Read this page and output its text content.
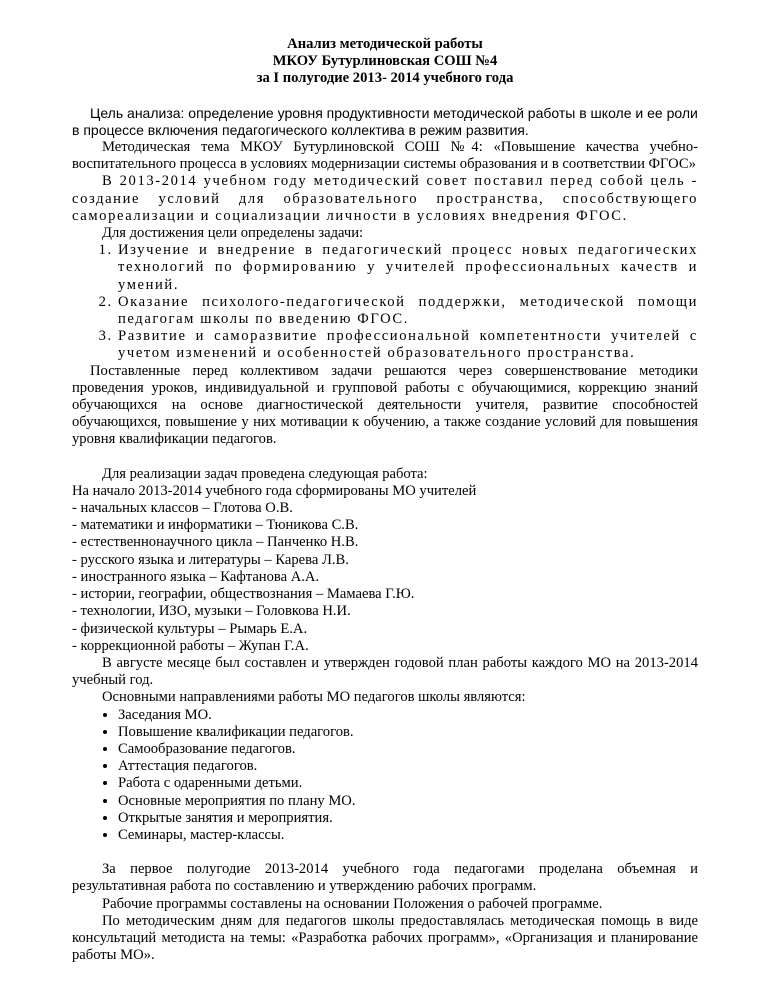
Анализ методической работы
МКОУ Бутурлиновская СОШ №4
за I полугодие 2013- 2014 учебного года

Цель анализа: определение уровня продуктивности методической работы в школе и ее роли в процессе включения педагогического коллектива в режим развития.

Методическая тема МКОУ Бутурлиновской СОШ №4: «Повышение качества учебно-воспитательного процесса в условиях модернизации системы образования и в соответствии ФГОС»

В 2013-2014 учебном году методический совет поставил перед собой цель - создание условий для образовательного пространства, способствующего самореализации и социализации личности в условиях внедрения ФГОС.

Для достижения цели определены задачи:

1. Изучение и внедрение в педагогический процесс новых педагогических технологий по формированию у учителей профессиональных качеств и умений.
2. Оказание психолого-педагогической поддержки, методической помощи педагогам школы по введению ФГОС.
3. Развитие и саморазвитие профессиональной компетентности учителей с учетом изменений и особенностей образовательного пространства.

Поставленные перед коллективом задачи решаются через совершенствование методики проведения уроков, индивидуальной и групповой работы с обучающимися, коррекцию знаний обучающихся на основе диагностической деятельности учителя, развитие способностей обучающихся, повышение у них мотивации к обучению, а также создание условий для повышения уровня квалификации педагогов.

Для реализации задач проведена следующая работа:

На начало 2013-2014 учебного года сформированы МО учителей

- начальных классов – Глотова О.В.

- математики и информатики – Тюникова С.В.

- естественнонаучного цикла – Панченко Н.В.

- русского языка и литературы – Карева Л.В.

- иностранного языка – Кафтанова А.А.

- истории, географии, обществознания – Мамаева Г.Ю.

- технологии, ИЗО, музыки – Головкова Н.И.

- физической культуры – Рымарь Е.А.

- коррекционной работы – Жупан Г.А.

В августе месяце был составлен и утвержден годовой план работы каждого МО на 2013-2014 учебный год.

Основными направлениями работы МО педагогов школы являются:

• Заседания МО.
• Повышение квалификации педагогов.
• Самообразование педагогов.
• Аттестация педагогов.
• Работа с одаренными детьми.
• Основные мероприятия по плану МО.
• Открытые занятия и мероприятия.
• Семинары, мастер-классы.

За первое полугодие 2013-2014 учебного года педагогами проделана объемная и результативная работа по составлению и утверждению рабочих программ.

Рабочие программы составлены на основании Положения о рабочей программе.

По методическим дням для педагогов школы предоставлялась методическая помощь в виде консультаций методиста на темы: «Разработка рабочих программ», «Организация и планирование работы МО».
